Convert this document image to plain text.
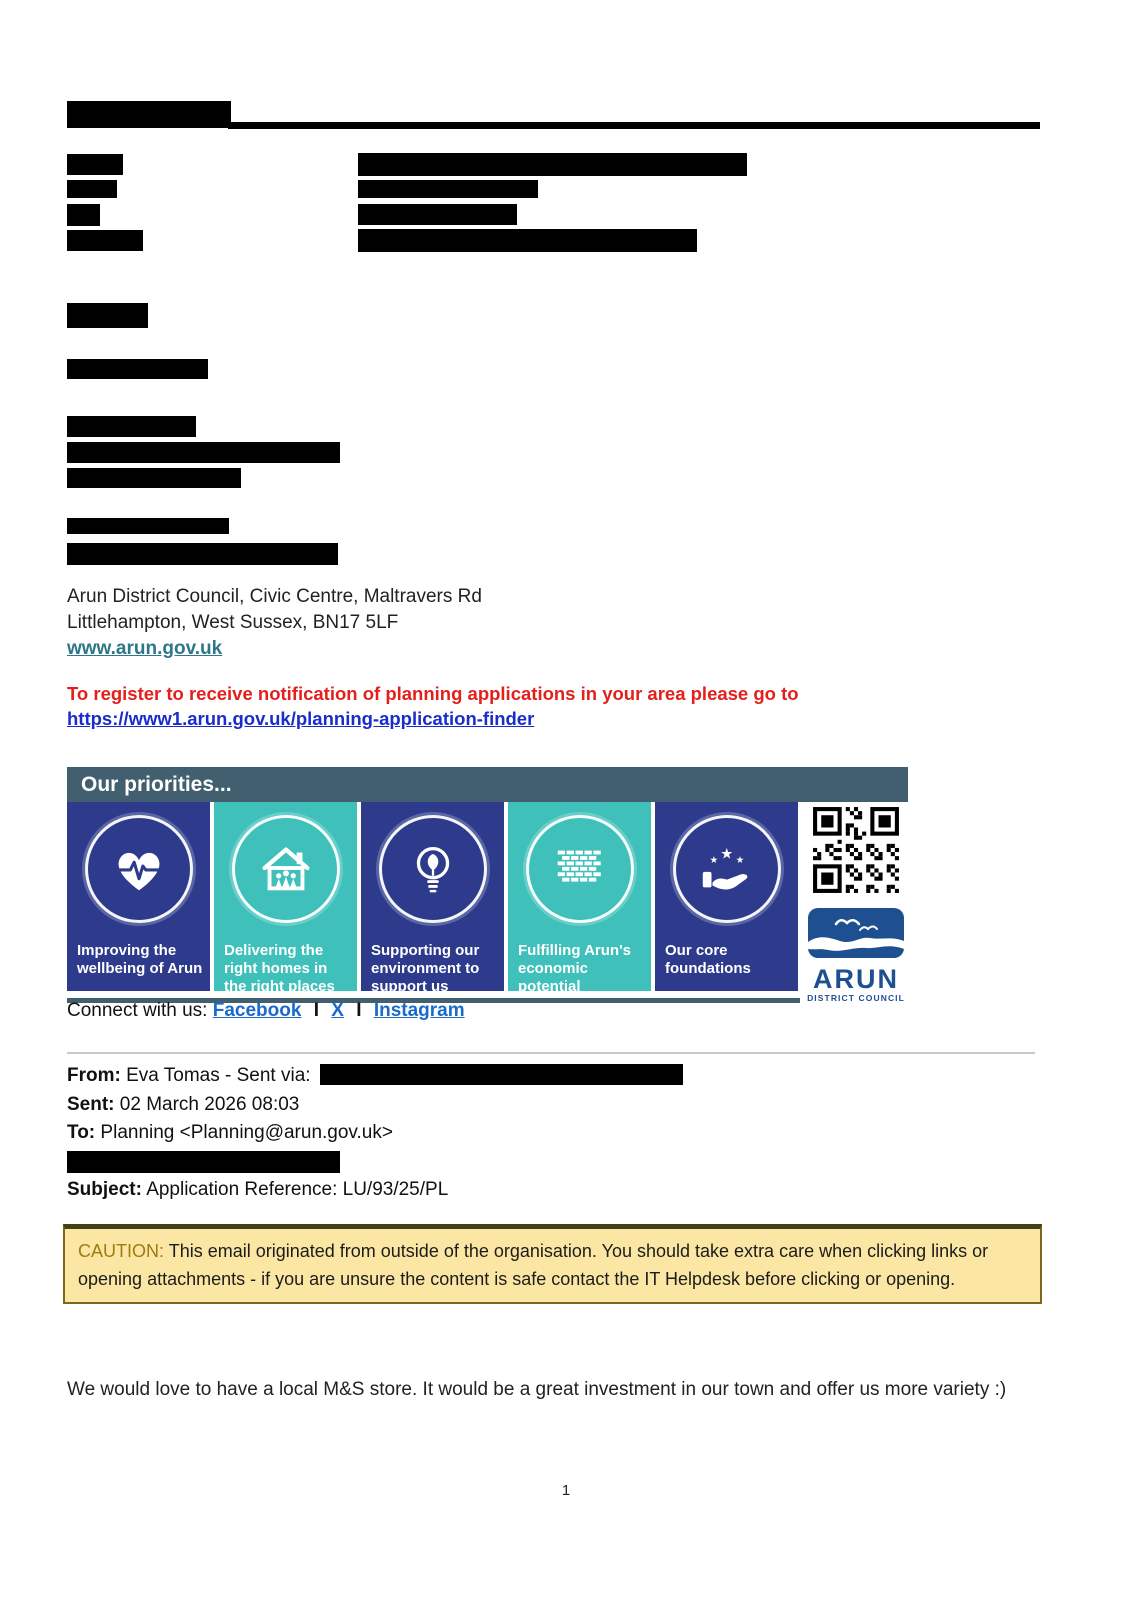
Arun District Council, Civic Centre, Maltravers Rd
Littlehampton, West Sussex, BN17 5LF
www.arun.gov.uk
To register to receive notification of planning applications in your area please go to
https://www1.arun.gov.uk/planning-application-finder
Our priorities...
Improving the wellbeing of Arun
Delivering the right homes in the right places
Supporting our environment to support us
Fulfilling Arun's economic potential
★ ★ ★
Our core foundations	ARUN
DISTRICT COUNCIL
Connect with us: Facebook I X I Instagram
From: Eva Tomas - Sent via:
Sent: 02 March 2026 08:03
To: Planning <Planning@arun.gov.uk>
Subject: Application Reference: LU/93/25/PL
CAUTION: This email originated from outside of the organisation. You should take extra care when clicking links or opening attachments - if you are unsure the content is safe contact the IT Helpdesk before clicking or opening.
We would love to have a local M&S store. It would be a great investment in our town and offer us more variety :)
1
